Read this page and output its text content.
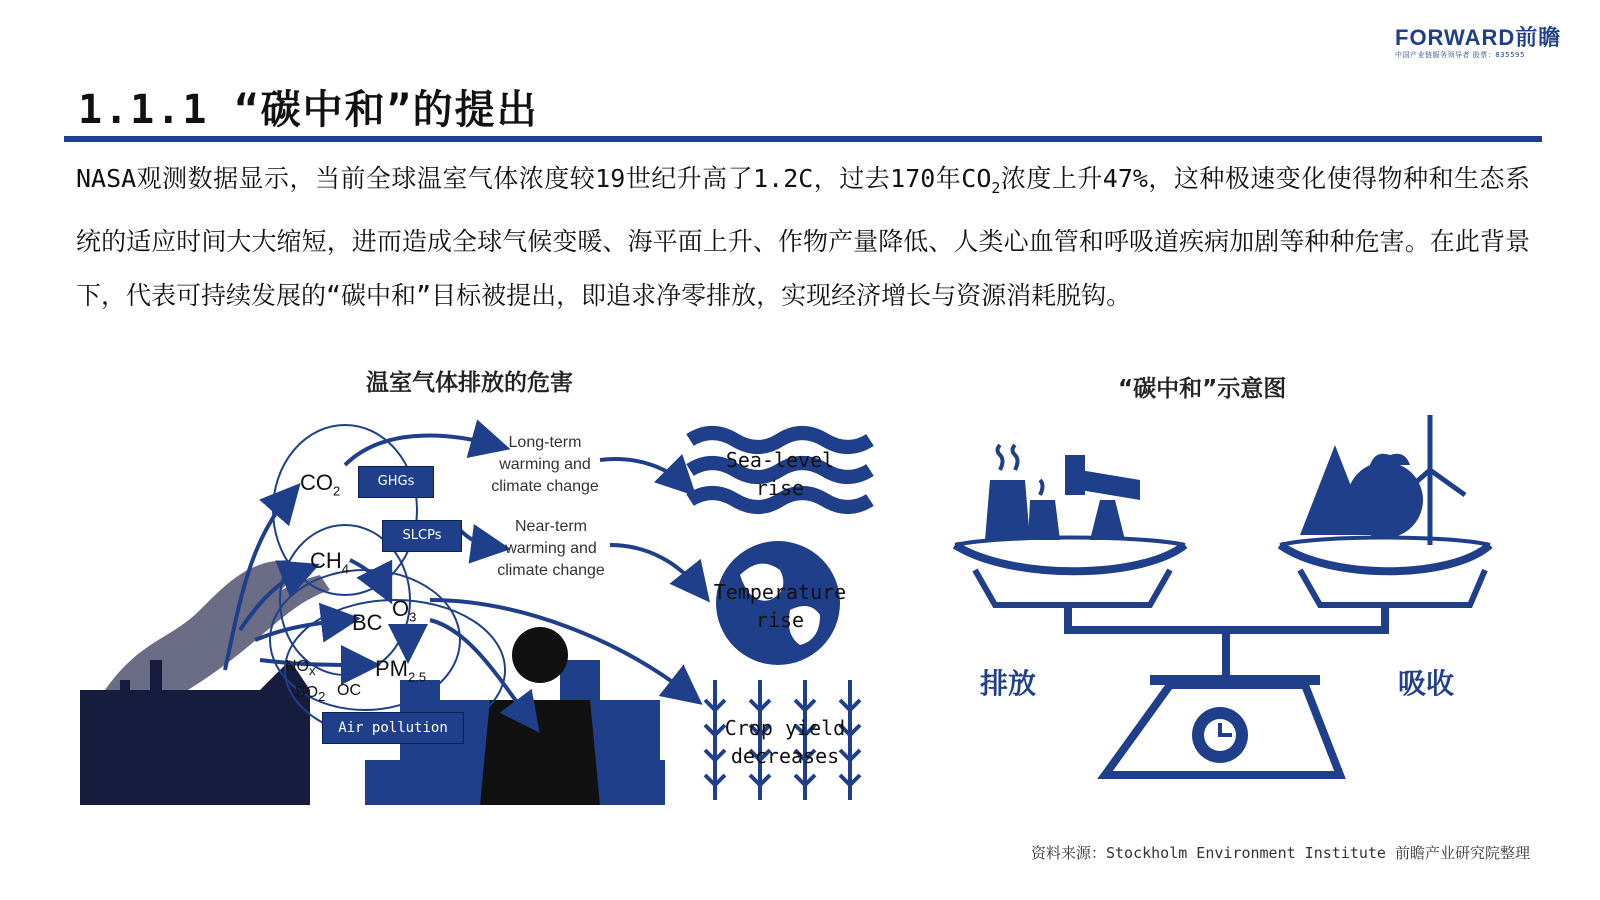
FORWARD前瞻
中国产业链服务领导者 股票：835595
1.1.1 “碳中和”的提出
NASA观测数据显示，当前全球温室气体浓度较19世纪升高了1.2C，过去170年$CO_2$浓度上升47%，这种极速变化使得物种和生态系统的适应时间大大缩短，进而造成全球气候变暖、海平面上升、作物产量降低、人类心血管和呼吸道疾病加剧等种种危害。在此背景下，代表可持续发展的“碳中和”目标被提出，即追求净零排放，实现经济增长与资源消耗脱钩。
温室气体排放的危害	“碳中和”示意图
$CO_2$
$CH_4$
BC
$O_3$
$PM_{2.5}$
$NO_x$
$SO_2$ OC
GHGs
SLCPs
Air pollution
Long-term warming and climate change
Near-term warming and climate change
Sea-level rise
Temperature rise
Crop yield decreases
排放	吸收
资料来源：Stockholm Environment Institute 前瞻产业研究院整理
